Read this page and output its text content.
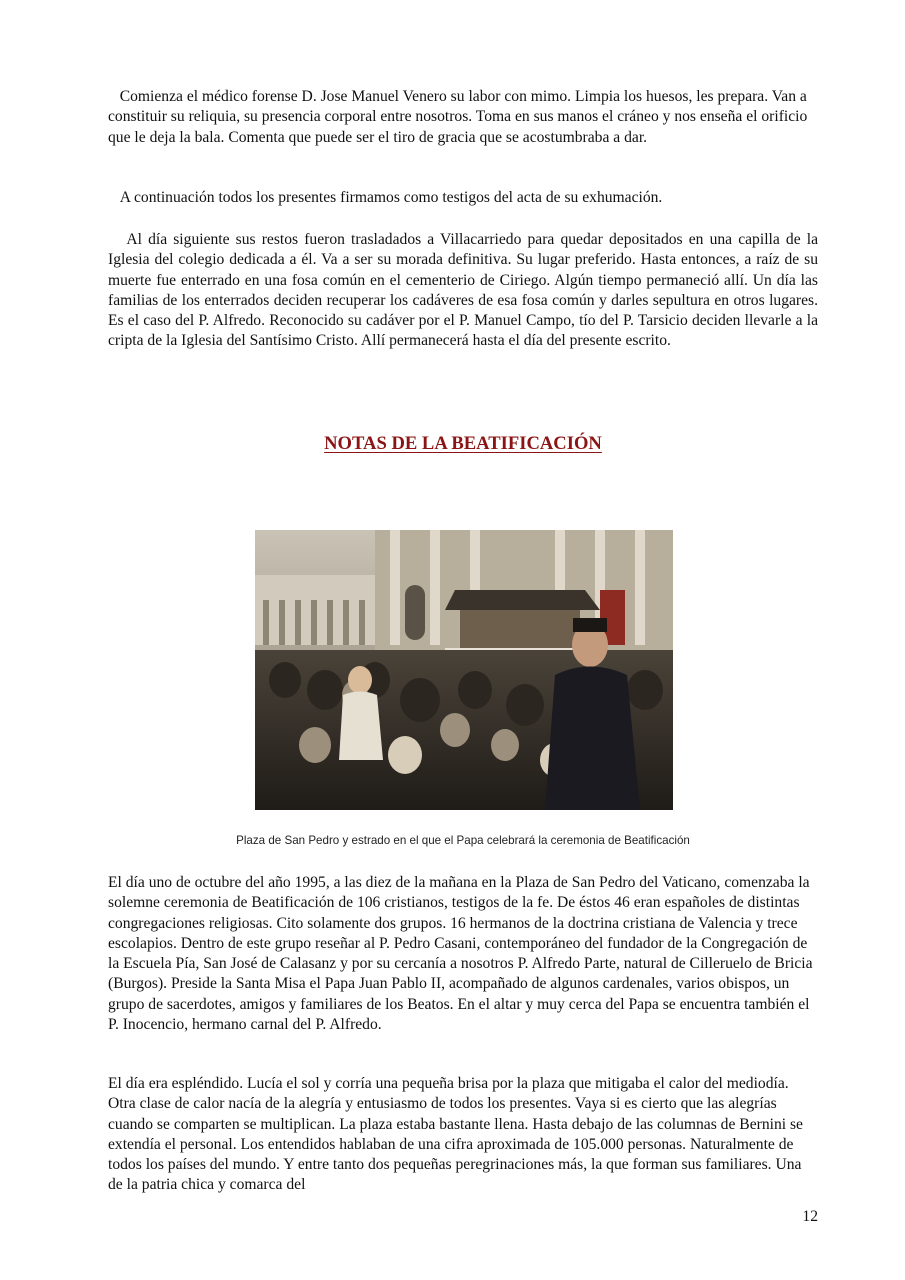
Comienza el médico forense D. Jose Manuel Venero su labor con mimo. Limpia los huesos, les prepara. Van a constituir su reliquia, su presencia corporal entre nosotros. Toma en sus manos el cráneo y nos enseña el orificio que le deja la bala. Comenta que puede ser el tiro de gracia que se acostumbraba a dar.

A continuación todos los presentes firmamos como testigos del acta de su exhumación.

Al día siguiente sus restos fueron trasladados a Villacarriedo para quedar depositados en una capilla de la Iglesia del colegio dedicada a él. Va a ser su morada definitiva. Su lugar preferido. Hasta entonces, a raíz de su muerte fue enterrado en una fosa común en el cementerio de Ciriego. Algún tiempo permaneció allí. Un día las familias de los enterrados deciden recuperar los cadáveres de esa fosa común y darles sepultura en otros lugares. Es el caso del P. Alfredo. Reconocido su cadáver por el P. Manuel Campo, tío del P. Tarsicio deciden llevarle a la cripta de la Iglesia del Santísimo Cristo. Allí permanecerá hasta el día del presente escrito.

NOTAS DE LA BEATIFICACIÓN

Plaza de San Pedro y estrado en el que el Papa celebrará la ceremonia de Beatificación

El día uno de octubre del año 1995, a las diez de la mañana en la Plaza de San Pedro del Vaticano, comenzaba la solemne ceremonia de Beatificación de 106 cristianos, testigos de la fe. De éstos 46 eran españoles de distintas congregaciones religiosas. Cito solamente dos grupos. 16 hermanos de la doctrina cristiana de Valencia y trece escolapios. Dentro de este grupo reseñar al P. Pedro Casani, contemporáneo del fundador de la Congregación de la Escuela Pía, San José de Calasanz y por su cercanía a nosotros P. Alfredo Parte, natural de Cilleruelo de Bricia (Burgos). Preside la Santa Misa el Papa Juan Pablo II, acompañado de algunos cardenales, varios obispos, un grupo de sacerdotes, amigos y familiares de los Beatos. En el altar y muy cerca del Papa se encuentra también el P. Inocencio, hermano carnal del P. Alfredo.

El día era espléndido. Lucía el sol y corría una pequeña brisa por la plaza que mitigaba el calor del mediodía. Otra clase de calor nacía de la alegría y entusiasmo de todos los presentes. Vaya si es cierto que las alegrías cuando se comparten se multiplican. La plaza estaba bastante llena. Hasta debajo de las columnas de Bernini se extendía el personal. Los entendidos hablaban de una cifra aproximada de 105.000 personas. Naturalmente de todos los países del mundo. Y entre tanto dos pequeñas peregrinaciones más, la que forman sus familiares. Una de la patria chica y comarca del

12
